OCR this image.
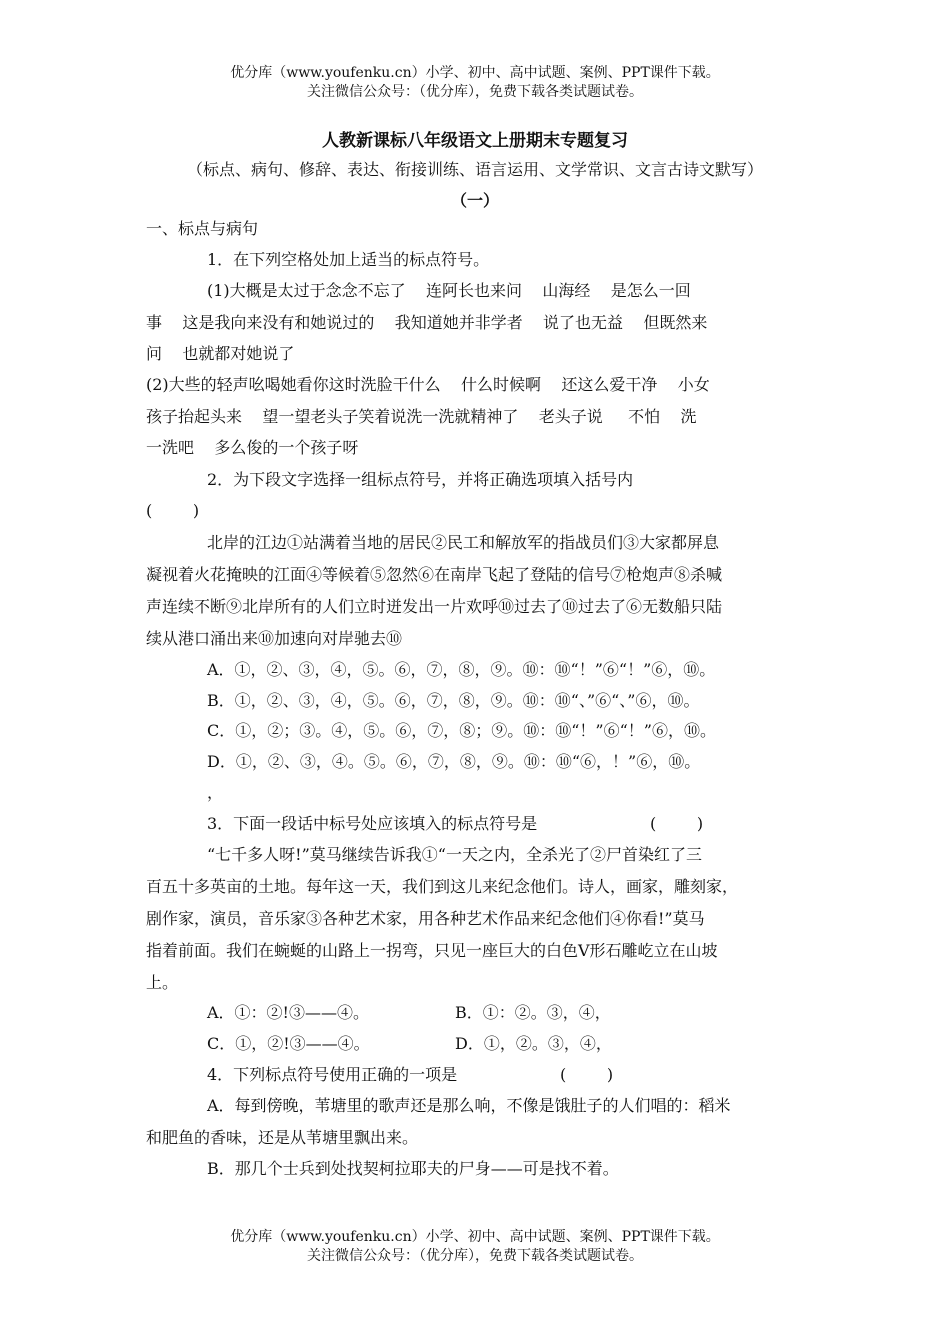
优分库（www.youfenku.cn）小学、初中、高中试题、案例、PPT课件下载。
关注微信公众号：（优分库），免费下载各类试题试卷。
人教新课标八年级语文上册期末专题复习
（标点、病句、修辞、表达、衔接训练、语言运用、文学常识、文言古诗文默写）
（一）
一、标点与病句
1．在下列空格处加上适当的标点符号。
(1)大概是太过于念念不忘了    连阿长也来问    山海经    是怎么一回
事    这是我向来没有和她说过的    我知道她并非学者    说了也无益    但既然来
问    也就都对她说了
(2)大些的轻声吆喝她看你这时洗脸干什么    什么时候啊    还这么爱干净    小女
孩子抬起头来    望一望老头子笑着说洗一洗就精神了    老头子说     不怕    洗
一洗吧    多么俊的一个孩子呀
2．为下段文字选择一组标点符号，并将正确选项填入括号内
(        )
北岸的江边①站满着当地的居民②民工和解放军的指战员们③大家都屏息
凝视着火花掩映的江面④等候着⑤忽然⑥在南岸飞起了登陆的信号⑦枪炮声⑧杀喊
声连续不断⑨北岸所有的人们立时迸发出一片欢呼⑩过去了⑩过去了⑥无数船只陆
续从港口涌出来⑩加速向对岸驰去⑩
A．①，②、③，④，⑤。⑥，⑦，⑧，⑨。⑩：⑩“！”⑥“！”⑥，⑩。
B．①，②、③，④，⑤。⑥，⑦，⑧，⑨。⑩：⑩“、”⑥“、”⑥，⑩。
C．①，②；③。④，⑤。⑥，⑦，⑧；⑨。⑩：⑩“！”⑥“！”⑥，⑩。
D．①，②、③，④。⑤。⑥，⑦，⑧，⑨。⑩：⑩“⑥，！”⑥，⑩。
，
3．下面一段话中标号处应该填入的标点符号是	(        )
“七千多人呀!”莫马继续告诉我①“一天之内，全杀光了②尸首染红了三
百五十多英亩的土地。每年这一天，我们到这儿来纪念他们。诗人，画家，雕刻家，
剧作家，演员，音乐家③各种艺术家，用各种艺术作品来纪念他们④你看!”莫马
指着前面。我们在蜿蜒的山路上一拐弯，只见一座巨大的白色V形石雕屹立在山坡
上。
A．①：②!③——④。	B．①：②。③，④，
C．①，②!③——④。	D．①，②。③，④，
4．下列标点符号使用正确的一项是	(        )
A．每到傍晚，苇塘里的歌声还是那么响，不像是饿肚子的人们唱的：稻米
和肥鱼的香味，还是从苇塘里飘出来。
B．那几个士兵到处找契柯拉耶夫的尸身——可是找不着。
优分库（www.youfenku.cn）小学、初中、高中试题、案例、PPT课件下载。
关注微信公众号：（优分库），免费下载各类试题试卷。
